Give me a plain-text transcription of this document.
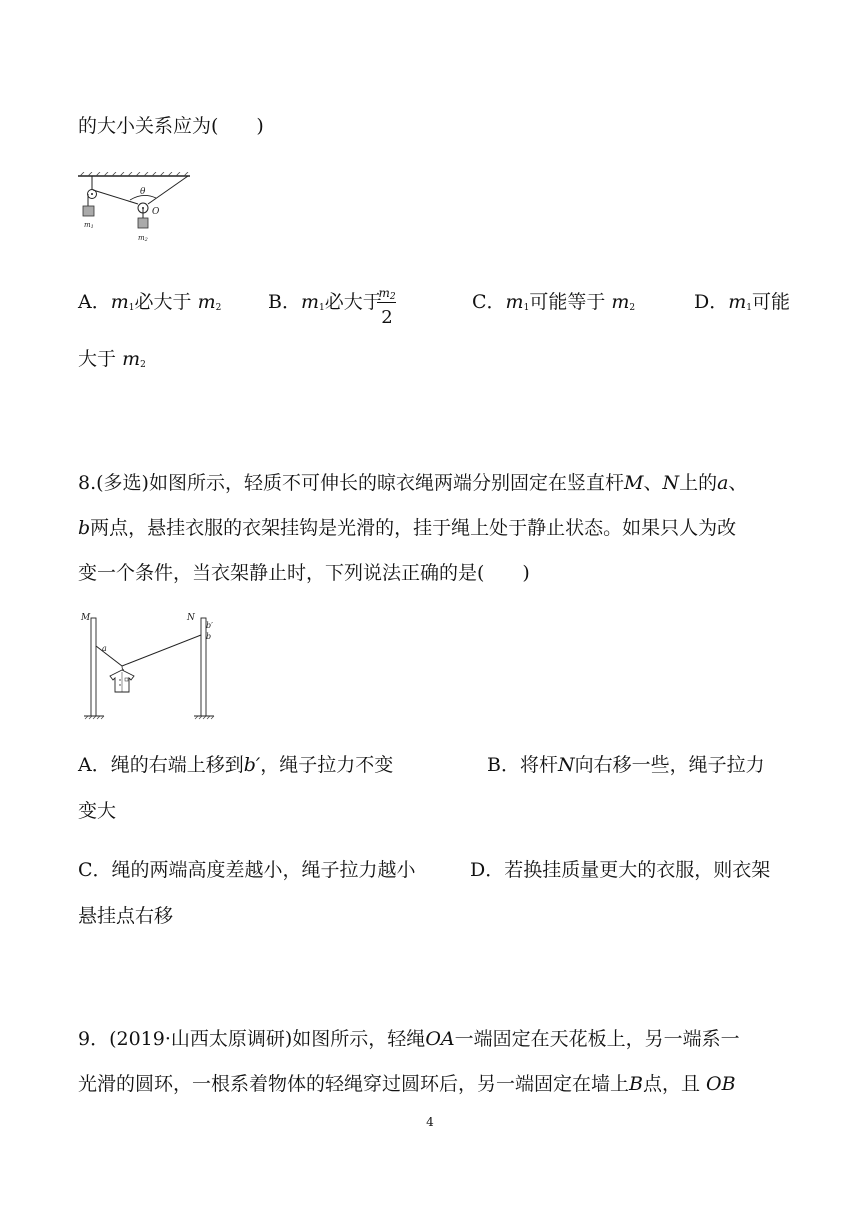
的大小关系应为(　　)
θ
O
m1
m2
A．$m_1$必大于 $m_2$ B．$m_1$必大于
$m_2$
2
C．$m_1$可能等于 $m_2$	D．$m_1$可能
大于 $m_2$
8.(多选)如图所示，轻质不可伸长的晾衣绳两端分别固定在竖直杆M、N上的a、
b两点，悬挂衣服的衣架挂钩是光滑的，挂于绳上处于静止状态。如果只人为改
变一个条件，当衣架静止时，下列说法正确的是(　　)
M	N
b′
b
a
A．绳的右端上移到b′，绳子拉力不变	B．将杆N向右移一些，绳子拉力
变大
C．绳的两端高度差越小，绳子拉力越小	D．若换挂质量更大的衣服，则衣架
悬挂点右移
9．(2019·山西太原调研)如图所示，轻绳OA一端固定在天花板上，另一端系一
光滑的圆环，一根系着物体的轻绳穿过圆环后，另一端固定在墙上B点，且 OB
4
